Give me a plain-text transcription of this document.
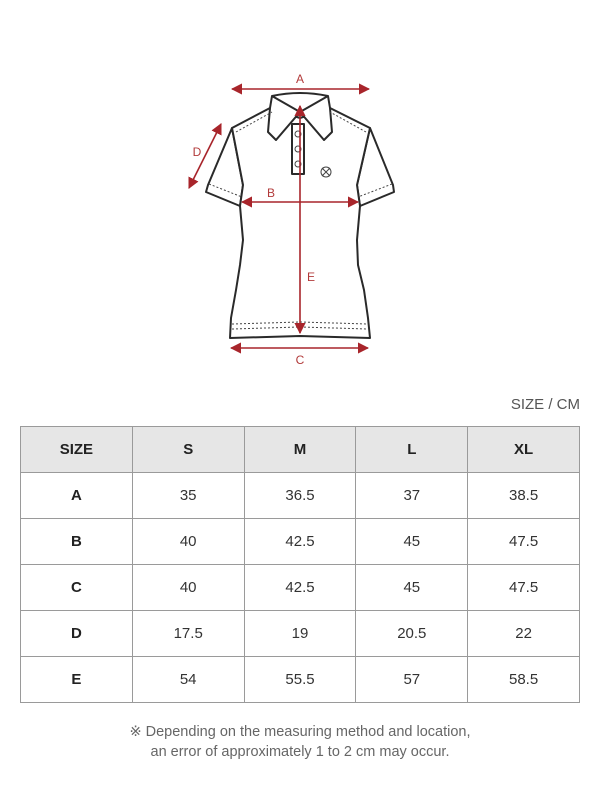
A
B
C
D
E
SIZE / CM
SIZE	S	M	L	XL
A	35	36.5	37	38.5
B	40	42.5	45	47.5
C	40	42.5	45	47.5
D	17.5	19	20.5	22
E	54	55.5	57	58.5
※ Depending on the measuring method and location,
an error of approximately 1 to 2 cm may occur.
